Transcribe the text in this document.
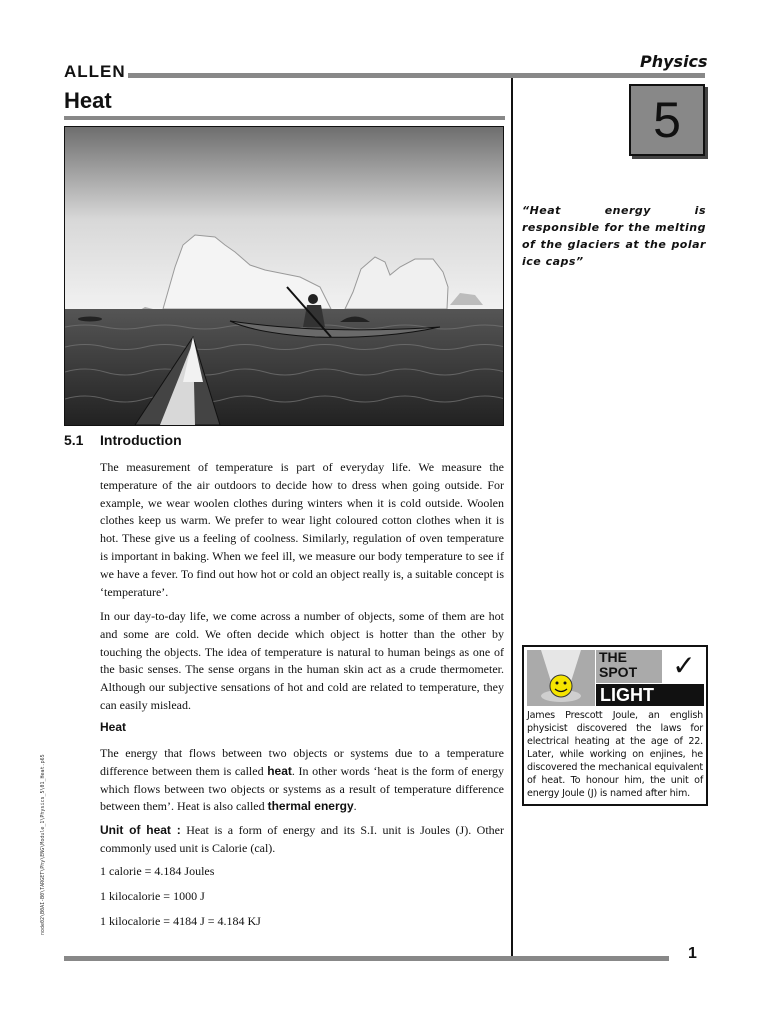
ALLEN
Physics
Heat	5
“Heat energy is responsible for the melting of the glaciers at the polar ice caps”
5.1 Introduction
The measurement of temperature is part of everyday life. We measure the temperature of the air outdoors to decide how to dress when going outside. For example, we wear woolen clothes during winters when it is cold outside. Woolen clothes keep us warm. We prefer to wear light coloured cotton clothes when it is hot. These give us a feeling of coolness. Similarly, regulation of oven temperature is important in baking. When we feel ill, we measure our body temperature to see if we have a fever. To find out how hot or cold an object really is, a suitable concept is ‘temperature’.
In our day-to-day life, we come across a number of objects, some of them are hot and some are cold. We often decide which object is hotter than the other by touching the objects. The idea of temperature is natural to human beings as one of the basic senses. The sense organs in the human skin act as a crude thermometer. Although our subjective sensations of hot and cold are related to temperature, they can easily mislead.
Heat
The energy that flows between two objects or systems due to a temperature difference between them is called heat. In other words ‘heat is the form of energy which flows between two objects or systems as a result of temperature difference between them’. Heat is also called thermal energy.
Unit of heat : Heat is a form of energy and its S.I. unit is Joules (J). Other commonly used unit is Calorie (cal).
1 calorie = 4.184 Joules
1 kilocalorie = 1000 J
1 kilocalorie = 4184 J = 4.184 KJ
THE
SPOT	✓
LIGHT
James Prescott Joule, an english physicist discovered the laws for electrical heating at the age of 22. Later, while working on enjines, he discovered the mechanical equivalent of heat. To honour him, the unit of energy Joule (J) is named after him.
node02\B0AI-B0\TARGET\Phy\ENG\Module_1\Physics_5\01_Heat.p65
1
